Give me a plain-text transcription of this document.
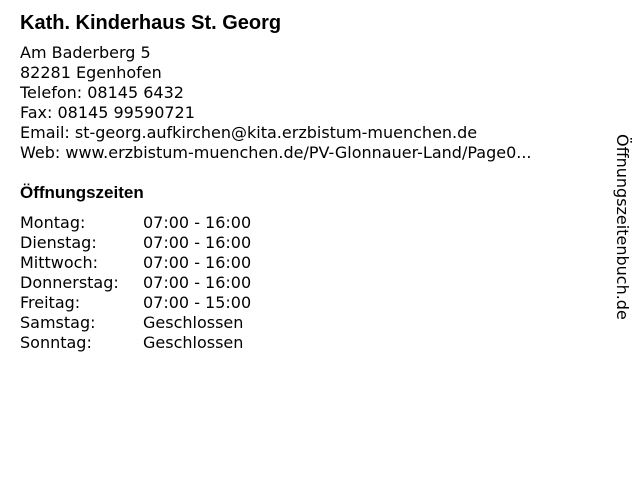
Kath. Kinderhaus St. Georg
Am Baderberg 5
82281 Egenhofen
Telefon: 08145 6432
Fax: 08145 99590721
Email: st-georg.aufkirchen@kita.erzbistum-muenchen.de
Web: www.erzbistum-muenchen.de/PV-Glonnauer-Land/Page0...
Öffnungszeiten
Montag:	07:00 - 16:00
Dienstag:	07:00 - 16:00
Mittwoch:	07:00 - 16:00
Donnerstag: 07:00 - 16:00
Freitag:	07:00 - 15:00
Samstag:	Geschlossen
Sonntag:	Geschlossen
Öffnungszeitenbuch.de
